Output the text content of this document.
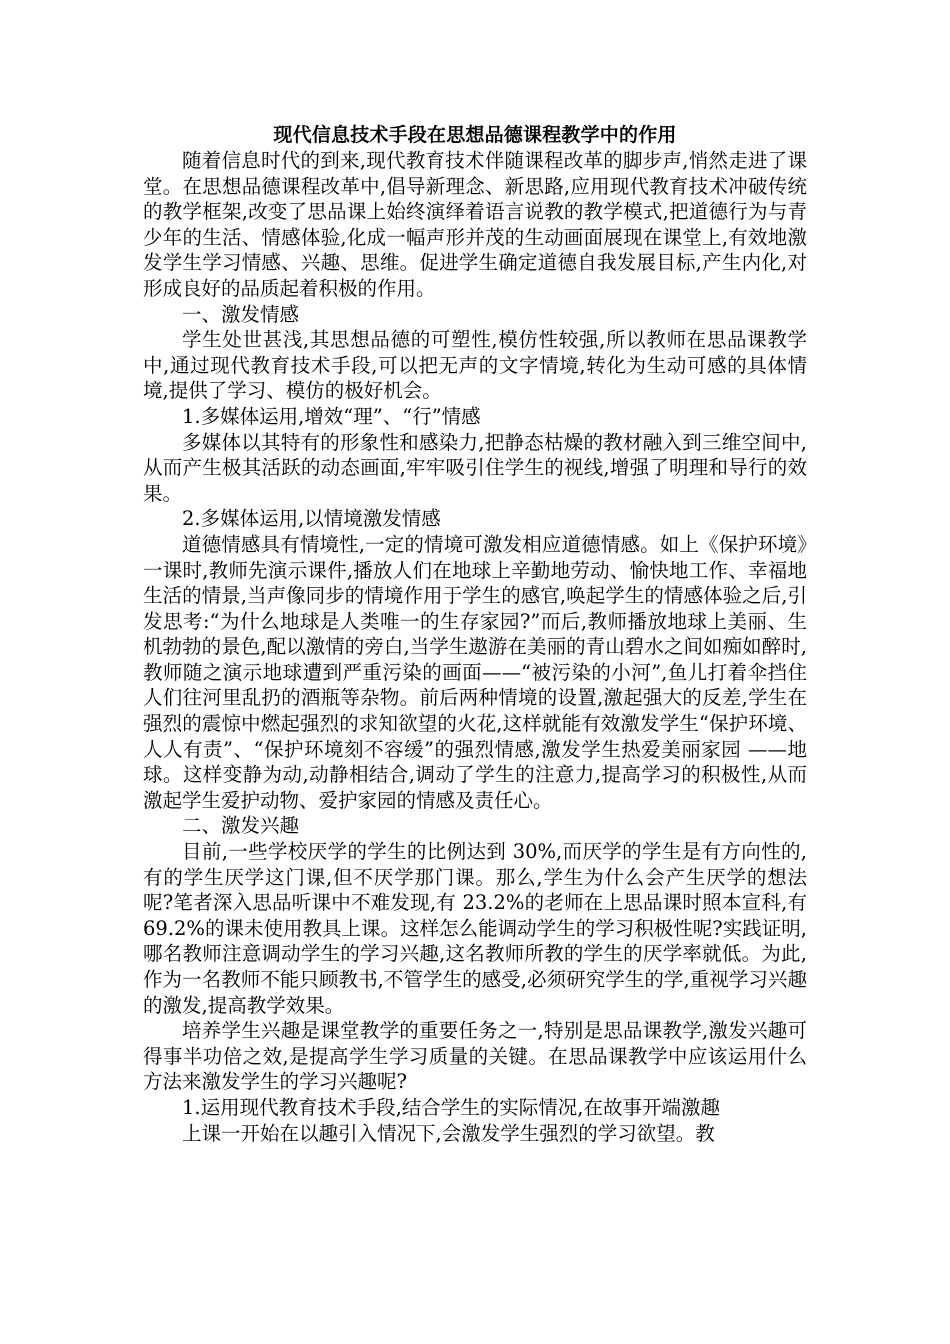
现代信息技术手段在思想品德课程教学中的作用

随着信息时代的到来,现代教育技术伴随课程改革的脚步声,悄然走进了课堂。在思想品德课程改革中,倡导新理念、新思路,应用现代教育技术冲破传统的教学框架,改变了思品课上始终演绎着语言说教的教学模式,把道德行为与青少年的生活、情感体验,化成一幅声形并茂的生动画面展现在课堂上,有效地激发学生学习情感、兴趣、思维。促进学生确定道德自我发展目标,产生内化,对形成良好的品质起着积极的作用。

一、激发情感

学生处世甚浅,其思想品德的可塑性,模仿性较强,所以教师在思品课教学中,通过现代教育技术手段,可以把无声的文字情境,转化为生动可感的具体情境,提供了学习、模仿的极好机会。

1.多媒体运用,增效“理”、“行”情感

多媒体以其特有的形象性和感染力,把静态枯燥的教材融入到三维空间中,从而产生极其活跃的动态画面,牢牢吸引住学生的视线,增强了明理和导行的效果。

2.多媒体运用,以情境激发情感

道德情感具有情境性,一定的情境可激发相应道德情感。如上《保护环境》一课时,教师先演示课件,播放人们在地球上辛勤地劳动、愉快地工作、幸福地生活的情景,当声像同步的情境作用于学生的感官,唤起学生的情感体验之后,引发思考:“为什么地球是人类唯一的生存家园?”而后,教师播放地球上美丽、生机勃勃的景色,配以激情的旁白,当学生遨游在美丽的青山碧水之间如痴如醉时,教师随之演示地球遭到严重污染的画面——“被污染的小河”,鱼儿打着伞挡住人们往河里乱扔的酒瓶等杂物。前后两种情境的设置,激起强大的反差,学生在强烈的震惊中燃起强烈的求知欲望的火花,这样就能有效激发学生“保护环境、人人有责”、“保护环境刻不容缓”的强烈情感,激发学生热爱美丽家园 ——地球。这样变静为动,动静相结合,调动了学生的注意力,提高学习的积极性,从而激起学生爱护动物、爱护家园的情感及责任心。

二、激发兴趣

目前,一些学校厌学的学生的比例达到 30%,而厌学的学生是有方向性的,有的学生厌学这门课,但不厌学那门课。那么,学生为什么会产生厌学的想法呢?笔者深入思品听课中不难发现,有 23.2%的老师在上思品课时照本宣科,有 69.2%的课未使用教具上课。这样怎么能调动学生的学习积极性呢?实践证明,哪名教师注意调动学生的学习兴趣,这名教师所教的学生的厌学率就低。为此,作为一名教师不能只顾教书,不管学生的感受,必须研究学生的学,重视学习兴趣的激发,提高教学效果。

培养学生兴趣是课堂教学的重要任务之一,特别是思品课教学,激发兴趣可得事半功倍之效,是提高学生学习质量的关键。在思品课教学中应该运用什么方法来激发学生的学习兴趣呢?

1.运用现代教育技术手段,结合学生的实际情况,在故事开端激趣

上课一开始在以趣引入情况下,会激发学生强烈的学习欲望。教
